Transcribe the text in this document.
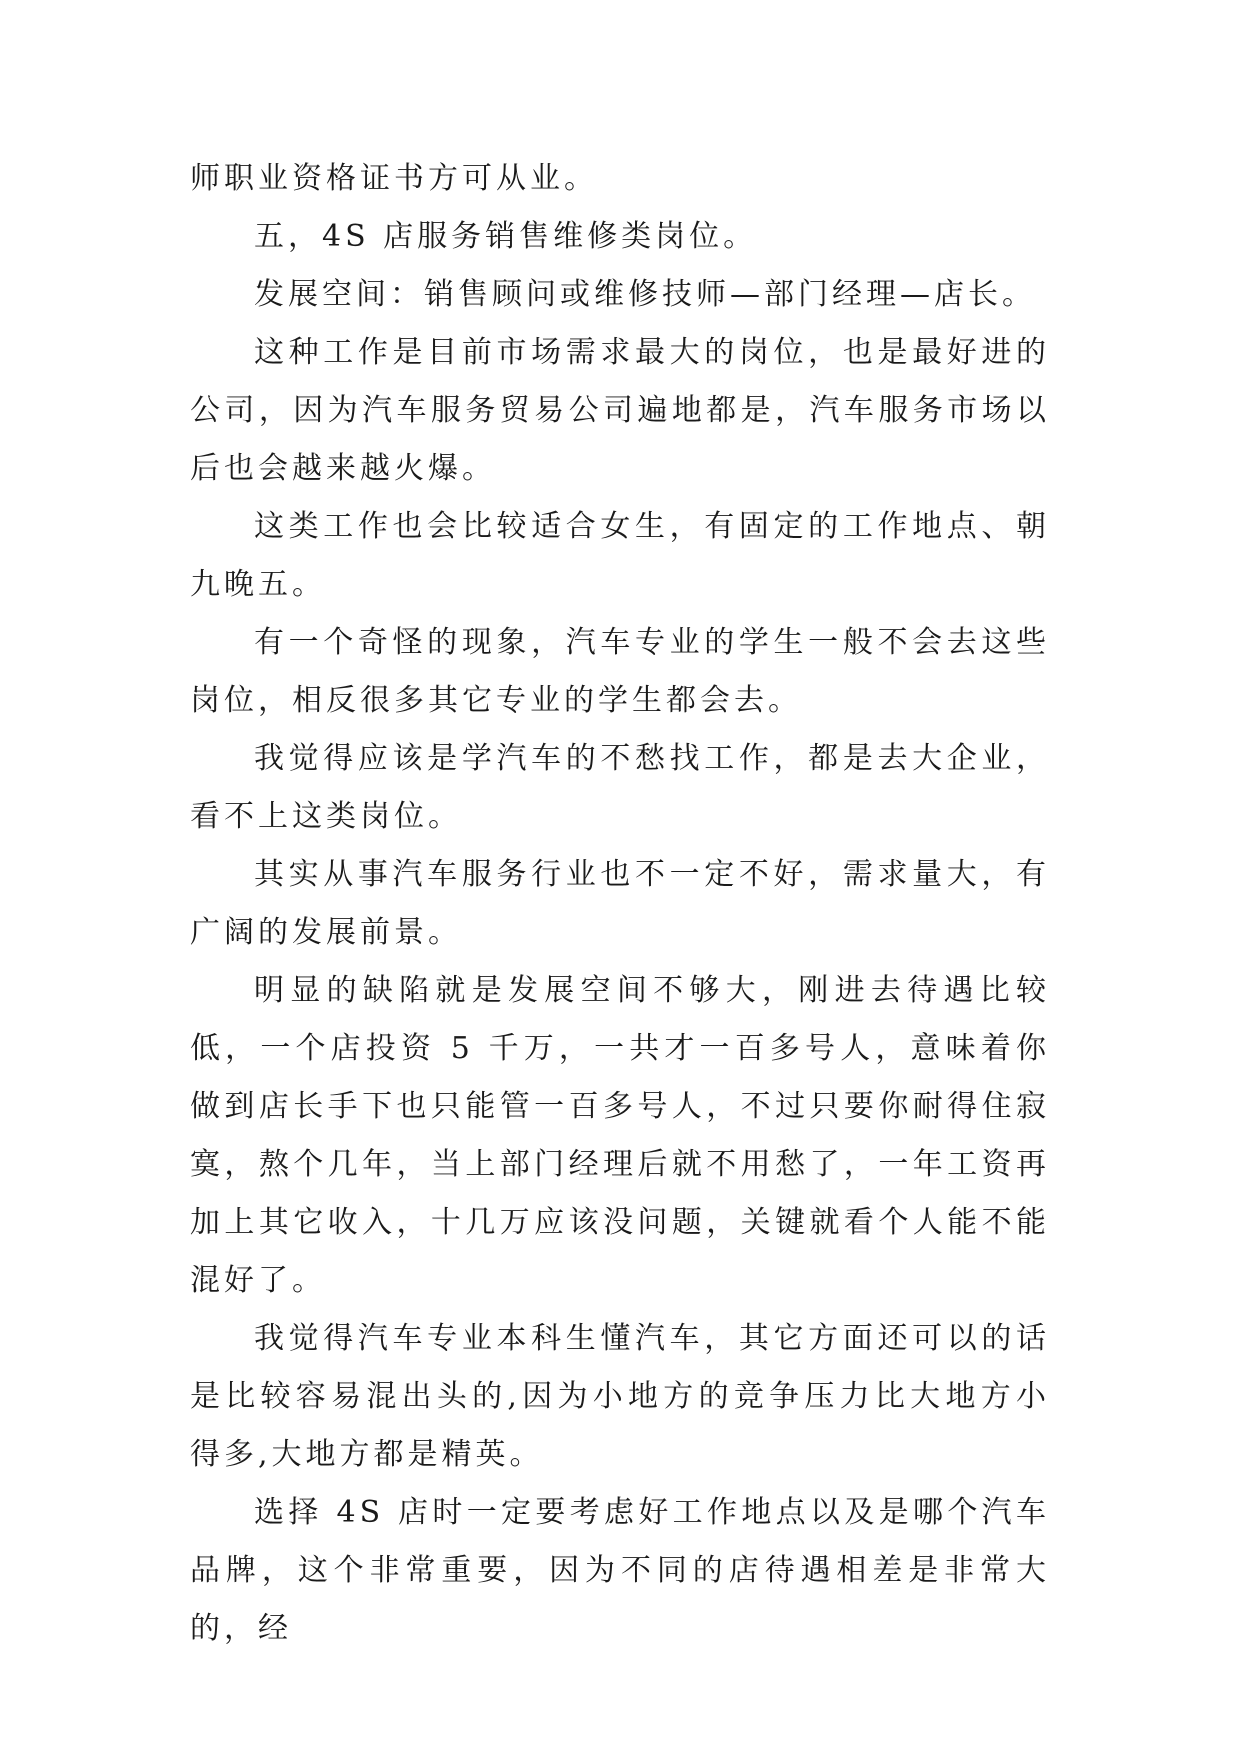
师职业资格证书方可从业。

五，4S 店服务销售维修类岗位。

发展空间：销售顾问或维修技师—部门经理—店长。

这种工作是目前市场需求最大的岗位，也是最好进的公司，因为汽车服务贸易公司遍地都是，汽车服务市场以后也会越来越火爆。

这类工作也会比较适合女生，有固定的工作地点、朝九晚五。

有一个奇怪的现象，汽车专业的学生一般不会去这些岗位，相反很多其它专业的学生都会去。

我觉得应该是学汽车的不愁找工作，都是去大企业，看不上这类岗位。

其实从事汽车服务行业也不一定不好，需求量大，有广阔的发展前景。

明显的缺陷就是发展空间不够大，刚进去待遇比较低，一个店投资 5 千万，一共才一百多号人，意味着你做到店长手下也只能管一百多号人，不过只要你耐得住寂寞，熬个几年，当上部门经理后就不用愁了，一年工资再加上其它收入，十几万应该没问题，关键就看个人能不能混好了。

我觉得汽车专业本科生懂汽车，其它方面还可以的话是比较容易混出头的,因为小地方的竞争压力比大地方小得多,大地方都是精英。

选择 4S 店时一定要考虑好工作地点以及是哪个汽车品牌，这个非常重要，因为不同的店待遇相差是非常大的，经
